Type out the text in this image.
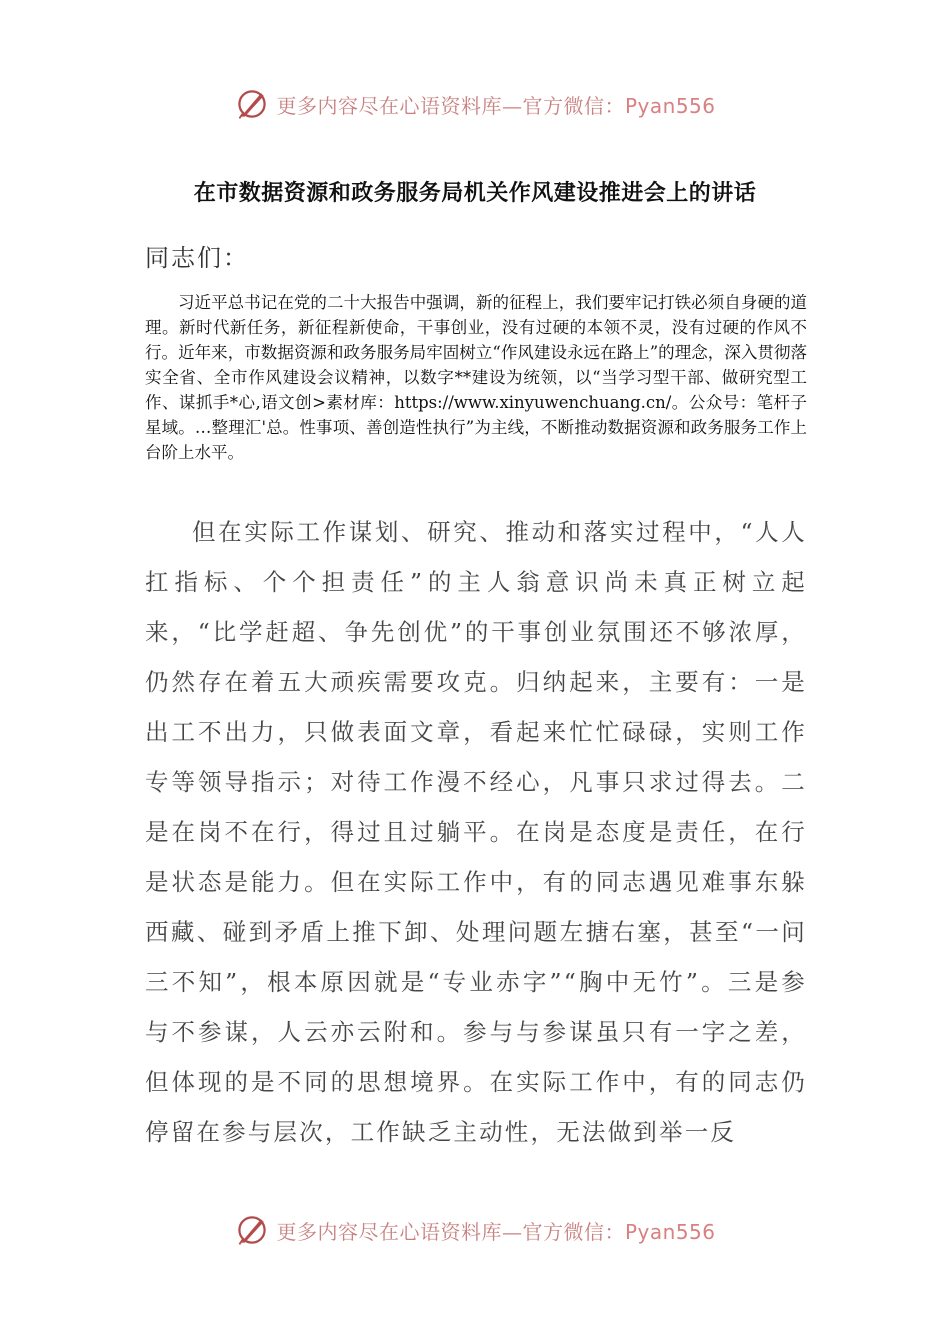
更多内容尽在心语资料库—官方微信：Pyan556
在市数据资源和政务服务局机关作风建设推进会上的讲话
同志们：
习近平总书记在党的二十大报告中强调，新的征程上，我们要牢记打铁必须自身硬的道理。新时代新任务，新征程新使命，干事创业，没有过硬的本领不灵，没有过硬的作风不行。近年来，市数据资源和政务服务局牢固树立“作风建设永远在路上”的理念，深入贯彻落实全省、全市作风建设会议精神，以数字**建设为统领，以“当学习型干部、做研究型工作、谋抓手*心,语文创>素材库：https://www.xinyuwenchuang.cn/。公众号：笔杆子星域。…整理汇'总。性事项、善创造性执行”为主线，不断推动数据资源和政务服务工作上台阶上水平。
但在实际工作谋划、研究、推动和落实过程中，“人人扛指标、个个担责任”的主人翁意识尚未真正树立起来，“比学赶超、争先创优”的干事创业氛围还不够浓厚，仍然存在着五大顽疾需要攻克。归纳起来，主要有：一是出工不出力，只做表面文章，看起来忙忙碌碌，实则工作专等领导指示；对待工作漫不经心，凡事只求过得去。二是在岗不在行，得过且过躺平。在岗是态度是责任，在行是状态是能力。但在实际工作中，有的同志遇见难事东躲西藏、碰到矛盾上推下卸、处理问题左搪右塞，甚至“一问三不知”，根本原因就是“专业赤字”“胸中无竹”。三是参与不参谋，人云亦云附和。参与与参谋虽只有一字之差，但体现的是不同的思想境界。在实际工作中，有的同志仍停留在参与层次，工作缺乏主动性，无法做到举一反
更多内容尽在心语资料库—官方微信：Pyan556
